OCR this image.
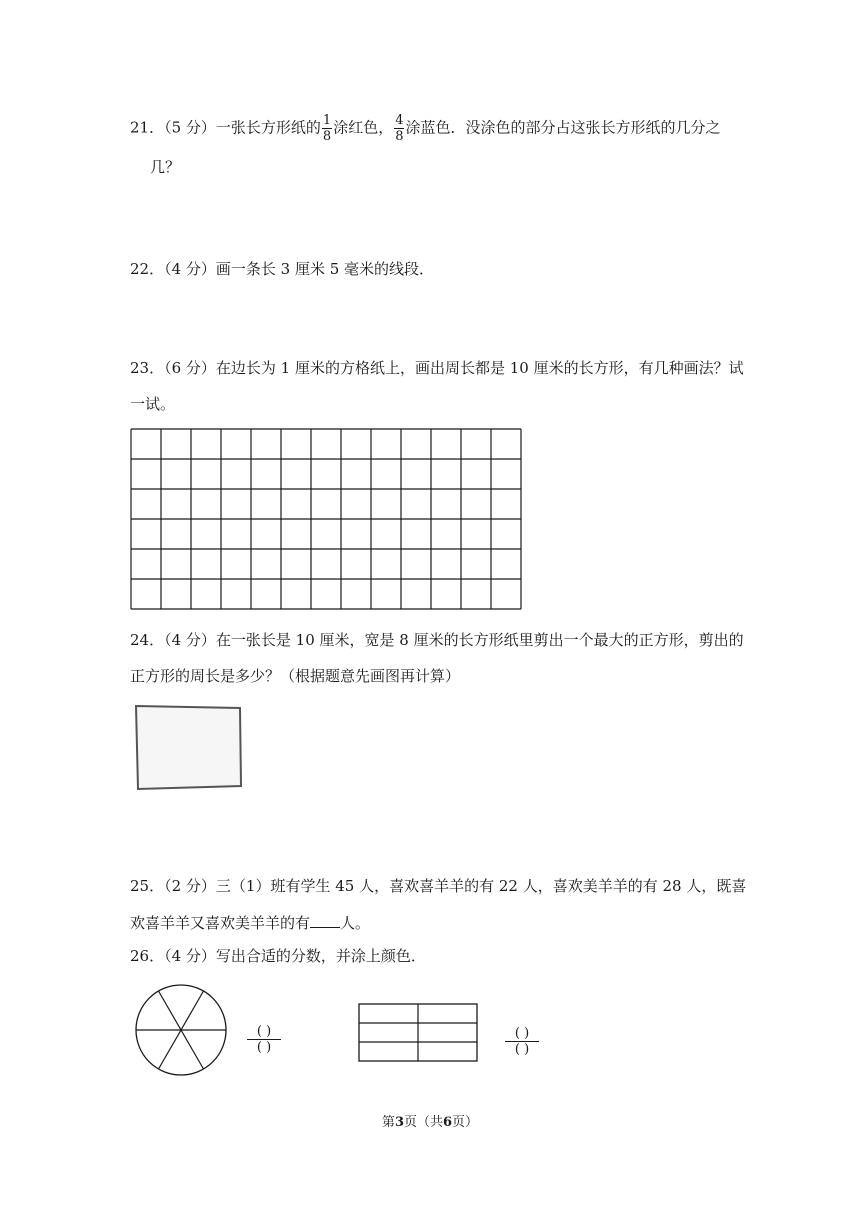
21．（5 分）一张长方形纸的 $\frac{1}{8}$ 涂红色， $\frac{4}{8}$ 涂蓝色．没涂色的部分占这张长方形纸的几分之
几？
22．（4 分）画一条长 3 厘米 5 毫米的线段．
23．（6 分）在边长为 1 厘米的方格纸上，画出周长都是 10 厘米的长方形，有几种画法？试
一试。
24．（4 分）在一张长是 10 厘米，宽是 8 厘米的长方形纸里剪出一个最大的正方形，剪出的
正方形的周长是多少？（根据题意先画图再计算）
25．（2 分）三（1）班有学生 45 人，喜欢喜羊羊的有 22 人，喜欢美羊羊的有 28 人，既喜
欢喜羊羊又喜欢美羊羊的有 人。
26．（4 分）写出合适的分数，并涂上颜色．
( )
( )
( )
( )
第3页（共6页）
